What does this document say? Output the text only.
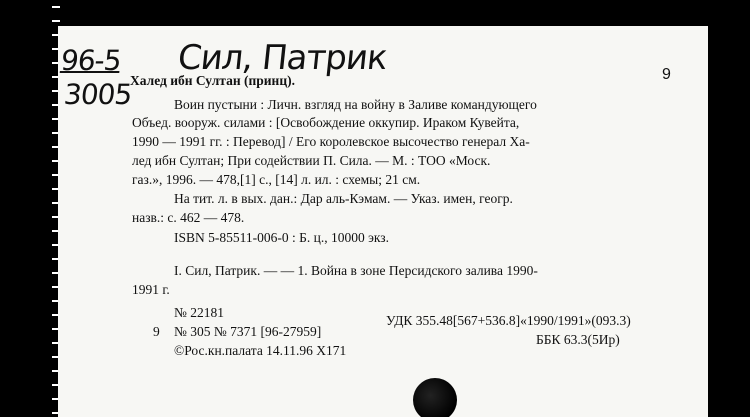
96-5
3005
Сил, Патрик	9
Халед ибн Султан (принц).
Воин пустыни : Личн. взгляд на войну в Заливе командующего
Объед. вооруж. силами : [Освобождение оккупир. Ираком Кувейта,
1990 — 1991 гг. : Перевод] / Его королевское высочество генерал Ха-
лед ибн Султан; При содействии П. Сила. — М. : ТОО «Моск.
газ.», 1996. — 478,[1] с., [14] л. ил. : схемы; 21 см.
На тит. л. в вых. дан.: Дар аль-Кэмам. — Указ. имен, геогр.
назв.: с. 462 — 478.
ISBN 5-85511-006-0 : Б. ц., 10000 экз.
I. Сил, Патрик. — — 1. Война в зоне Персидского залива 1990-
1991 г.
№ 22181
9 № 305 № 7371 [96-27959]
©Рос.кн.палата 14.11.96 Х171
УДК 355.48[567+536.8]«1990/1991»(093.3)
ББК 63.3(5Ир)
